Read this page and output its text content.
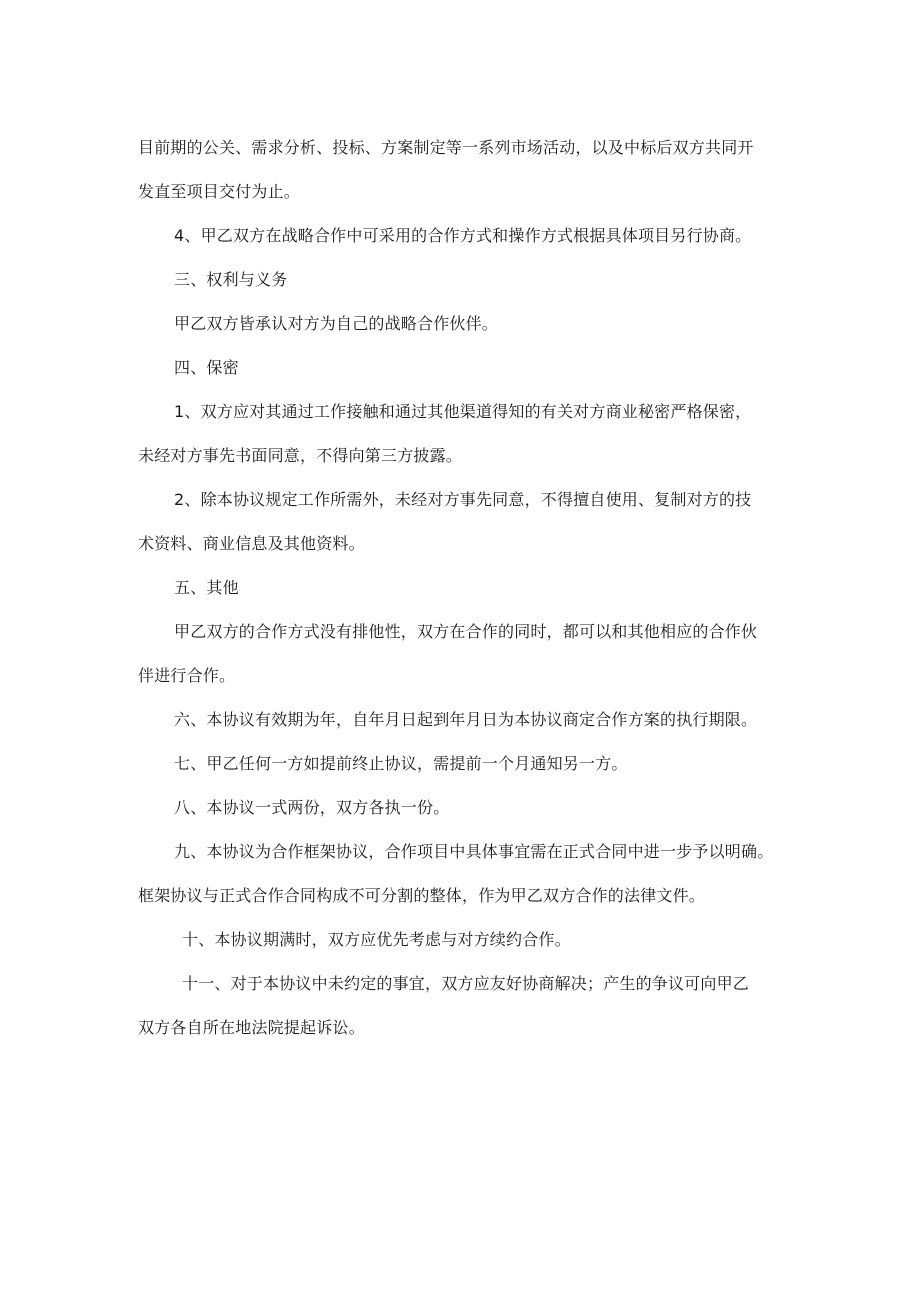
目前期的公关、需求分析、投标、方案制定等一系列市场活动，以及中标后双方共同开
发直至项目交付为止。
4、甲乙双方在战略合作中可采用的合作方式和操作方式根据具体项目另行协商。
三、权利与义务
甲乙双方皆承认对方为自己的战略合作伙伴。
四、保密
1、双方应对其通过工作接触和通过其他渠道得知的有关对方商业秘密严格保密，
未经对方事先书面同意，不得向第三方披露。
2、除本协议规定工作所需外，未经对方事先同意，不得擅自使用、复制对方的技
术资料、商业信息及其他资料。
五、其他
甲乙双方的合作方式没有排他性，双方在合作的同时，都可以和其他相应的合作伙
伴进行合作。
六、本协议有效期为年，自年月日起到年月日为本协议商定合作方案的执行期限。
七、甲乙任何一方如提前终止协议，需提前一个月通知另一方。
八、本协议一式两份，双方各执一份。
九、本协议为合作框架协议，合作项目中具体事宜需在正式合同中进一步予以明确。
框架协议与正式合作合同构成不可分割的整体，作为甲乙双方合作的法律文件。
十、本协议期满时，双方应优先考虑与对方续约合作。
十一、对于本协议中未约定的事宜，双方应友好协商解决；产生的争议可向甲乙
双方各自所在地法院提起诉讼。
